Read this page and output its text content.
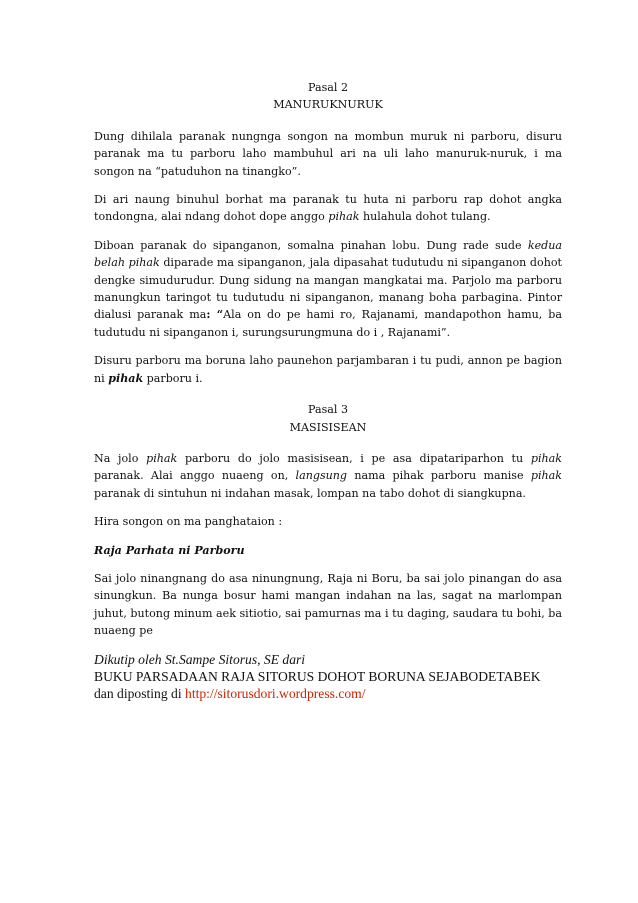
Pasal 2

MANURUKNURUK

Dung dihilala paranak nungnga songon na mombun muruk ni parboru, disuru paranak ma tu parboru laho mambuhul ari na uli laho manuruk-nuruk, i ma songon na “patuduhon na tinangko”.

Di ari naung binuhul borhat ma paranak tu huta ni parboru rap dohot angka tondongna, alai ndang dohot dope anggo pihak hulahula dohot tulang.

Diboan paranak do sipanganon, somalna pinahan lobu. Dung rade sude kedua belah pihak diparade ma sipanganon, jala dipasahat tudutudu ni sipanganon dohot dengke simudurudur. Dung sidung na mangan mangkatai ma. Parjolo ma parboru manungkun taringot tu tudutudu ni sipanganon, manang boha parbagina. Pintor dialusi paranak ma: “Ala on do pe hami ro, Rajanami, mandapothon hamu, ba tudutudu ni sipanganon i, surungsurungmuna do i , Rajanami”.

Disuru parboru ma boruna laho paunehon parjambaran i tu pudi, annon pe bagion ni pihak parboru i.

Pasal 3

MASISISEAN

Na jolo pihak parboru do jolo masisisean, i pe asa dipatariparhon tu pihak paranak. Alai anggo nuaeng on, langsung nama pihak parboru manise pihak paranak di sintuhun ni indahan masak, lompan na tabo dohot di siangkupna.

Hira songon on ma panghataion :

Raja Parhata ni Parboru

Sai jolo ninangnang do asa ninungnung, Raja ni Boru, ba sai jolo pinangan do asa sinungkun. Ba nunga bosur hami mangan indahan na las, sagat na marlompan juhut, butong minum aek sitiotio, sai pamurnas ma i tu daging, saudara tu bohi, ba nuaeng pe

Dikutip oleh St.Sampe Sitorus, SE dari

BUKU PARSADAAN RAJA SITORUS DOHOT BORUNA SEJABODETABEK

dan diposting di http://sitorusdori.wordpress.com/
